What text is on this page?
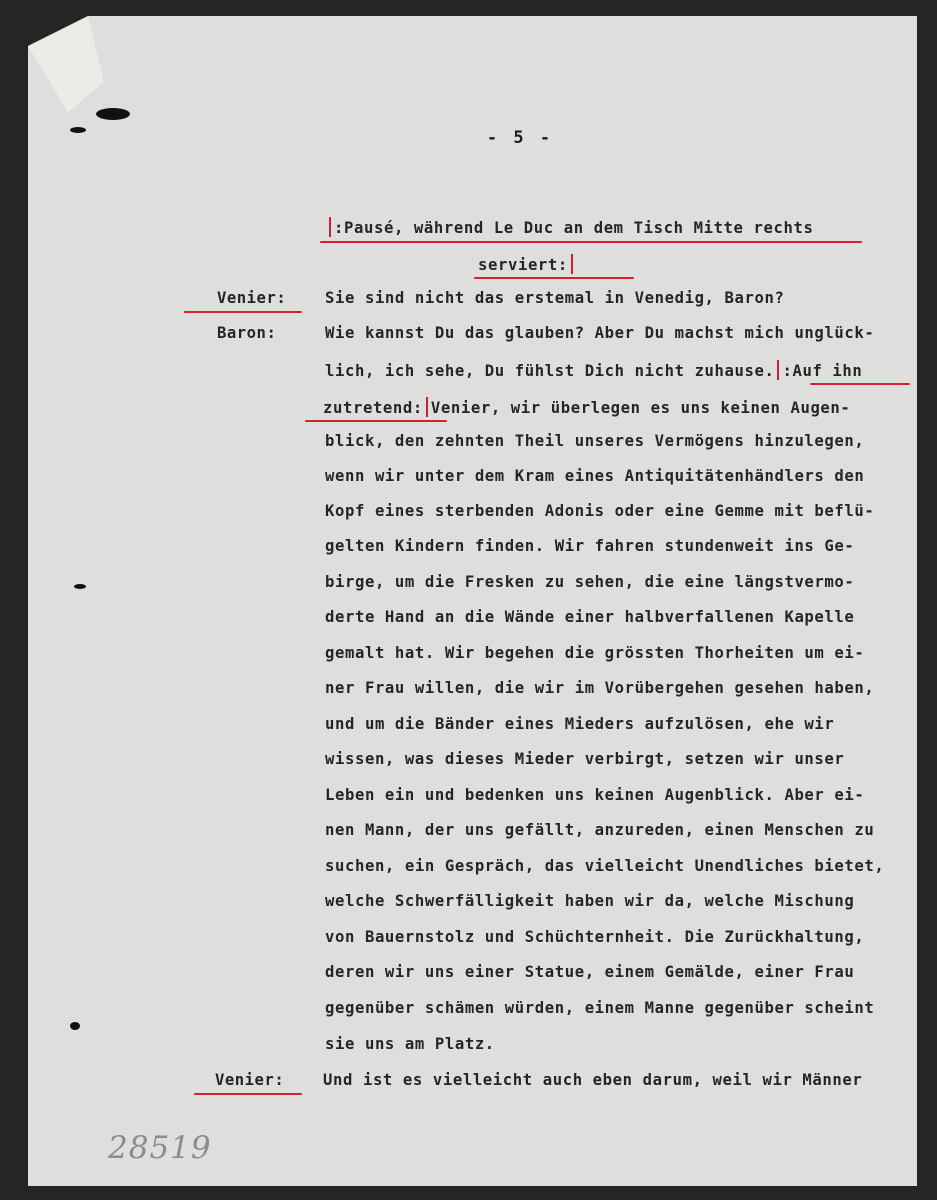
- 5 -
:Pausé, während Le Duc an dem Tisch Mitte rechts
serviert:
Venier:
Baron:
Venier:
Sie sind nicht das erstemal in Venedig, Baron?
Wie kannst Du das glauben? Aber Du machst mich unglück-
lich, ich sehe, Du fühlst Dich nicht zuhause. :Auf ihn
zutretend: Venier, wir überlegen es uns keinen Augen-
blick, den zehnten Theil unseres Vermögens hinzulegen,
wenn wir unter dem Kram eines Antiquitätenhändlers den
Kopf eines sterbenden Adonis oder eine Gemme mit beflü-
gelten Kindern finden. Wir fahren stundenweit ins Ge-
birge, um die Fresken zu sehen, die eine längstvermo-
derte Hand an die Wände einer halbverfallenen Kapelle
gemalt hat. Wir begehen die grössten Thorheiten um ei-
ner Frau willen, die wir im Vorübergehen gesehen haben,
und um die Bänder eines Mieders aufzulösen, ehe wir
wissen, was dieses Mieder verbirgt, setzen wir unser
Leben ein und bedenken uns keinen Augenblick. Aber ei-
nen Mann, der uns gefällt, anzureden, einen Menschen zu
suchen, ein Gespräch, das vielleicht Unendliches bietet,
welche Schwerfälligkeit haben wir da, welche Mischung
von Bauernstolz und Schüchternheit. Die Zurückhaltung,
deren wir uns einer Statue, einem Gemälde, einer Frau
gegenüber schämen würden, einem Manne gegenüber scheint
sie uns am Platz.
Und ist es vielleicht auch eben darum, weil wir Männer
28519
